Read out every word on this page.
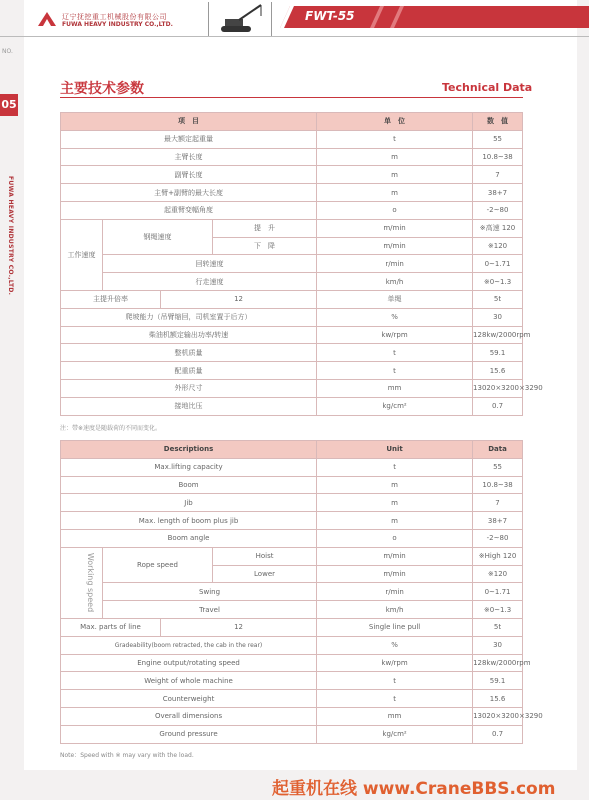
辽宁抚挖重工机械股份有限公司
FUWA HEAVY INDUSTRY CO.,LTD.
FWT-55
NO.
05
FUWA HEAVY INDUSTRY CO.,LTD.
主要技术参数	Technical Data
项　目				单　位	数　值
最大额定起重量				t	55
主臂长度				m	10.8~38
副臂长度				m	7
主臂+副臂的最大长度				m	38+7
起重臂变幅角度				o	-2~80
工作速度	钢绳速度		提　升	m/min	※高速 120
			下　降	m/min	※120
	回转速度			r/min	0~1.71
	行走速度			km/h	※0~1.3
主提升倍率		12		单绳	5t
爬坡能力（吊臂缩回，司机室置于后方）				%	30
柴油机额定输出功率/转速				kw/rpm	128kw/2000rpm
整机质量				t	59.1
配重质量				t	15.6
外形尺寸				mm	13020×3200×3290
接地比压				kg/cm²	0.7
注：带※速度是随载荷的不同而变化。
Descriptions				Unit	Data
Max.lifting capacity				t	55
Boom				m	10.8~38
Jib				m	7
Max. length of boom plus jib				m	38+7
Boom angle				o	-2~80
Working speed	Rope speed		Hoist	m/min	※High 120
			Lower	m/min	※120
	Swing			r/min	0~1.71
	Travel			km/h	※0~1.3
Max. parts of line		12		Single line pull	5t
Gradeability(boom retracted, the cab in the rear)				%	30
Engine output/rotating speed				kw/rpm	128kw/2000rpm
Weight of whole machine				t	59.1
Counterweight				t	15.6
Overall dimensions				mm	13020×3200×3290
Ground pressure				kg/cm²	0.7
Note：Speed with ※ may vary with the load.
起重机在线 www.CraneBBS.com
